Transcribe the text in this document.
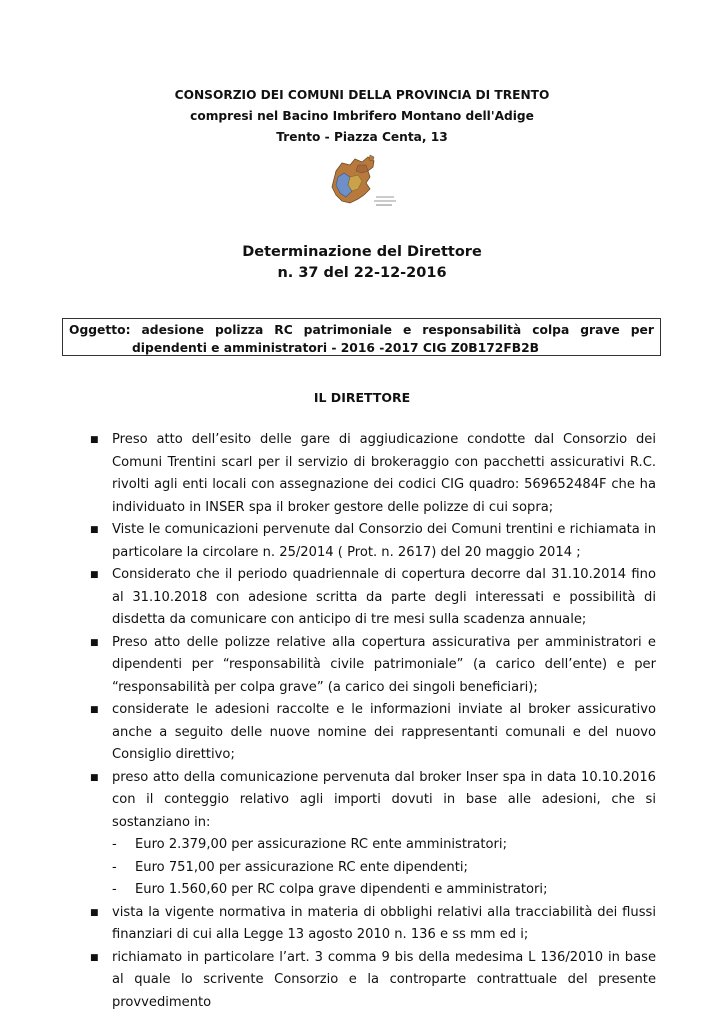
CONSORZIO DEI COMUNI DELLA PROVINCIA DI TRENTO
compresi nel Bacino Imbrifero Montano dell'Adige
Trento - Piazza Centa, 13
Determinazione del Direttore
n. 37 del 22-12-2016
Oggetto: adesione polizza RC patrimoniale e responsabilità colpa grave per
dipendenti e amministratori - 2016 -2017 CIG Z0B172FB2B
IL DIRETTORE
■ Preso atto dell’esito delle gare di aggiudicazione condotte dal Consorzio dei Comuni Trentini scarl per il servizio di brokeraggio con pacchetti assicurativi R.C. rivolti agli enti locali con assegnazione dei codici CIG quadro: 569652484F che ha individuato in INSER spa il broker gestore delle polizze di cui sopra;
■ Viste le comunicazioni pervenute dal Consorzio dei Comuni trentini e richiamata in particolare la circolare n. 25/2014 ( Prot. n. 2617) del 20 maggio 2014 ;
■ Considerato che il periodo quadriennale di copertura decorre dal 31.10.2014 fino al 31.10.2018 con adesione scritta da parte degli interessati e possibilità di disdetta da comunicare con anticipo di tre mesi sulla scadenza annuale;
■ Preso atto delle polizze relative alla copertura assicurativa per amministratori e dipendenti per “responsabilità civile patrimoniale” (a carico dell’ente) e per “responsabilità per colpa grave” (a carico dei singoli beneficiari);
■ considerate le adesioni raccolte e le informazioni inviate al broker assicurativo anche a seguito delle nuove nomine dei rappresentanti comunali e del nuovo Consiglio direttivo;
■ preso atto della comunicazione pervenuta dal broker Inser spa in data 10.10.2016 con il conteggio relativo agli importi dovuti in base alle adesioni, che si sostanziano in:
- Euro 2.379,00 per assicurazione RC ente amministratori;
- Euro 751,00 per assicurazione RC ente dipendenti;
- Euro 1.560,60 per RC colpa grave dipendenti e amministratori;
■ vista la vigente normativa in materia di obblighi relativi alla tracciabilità dei flussi finanziari di cui alla Legge 13 agosto 2010 n. 136 e ss mm ed i;
■ richiamato in particolare l’art. 3 comma 9 bis della medesima L 136/2010 in base al quale lo scrivente Consorzio e la controparte contrattuale del presente provvedimento
